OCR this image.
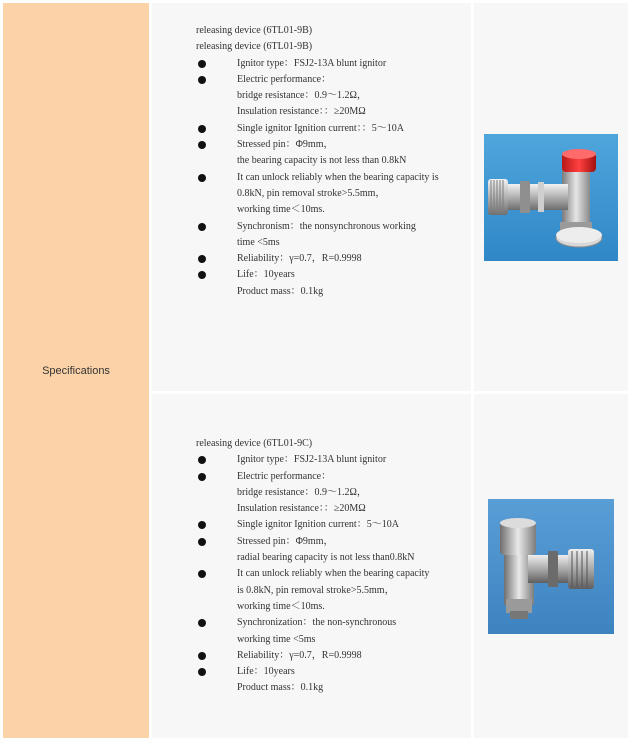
Specifications
releasing device (6TL01-9B)
releasing device (6TL01-9B)
Ignitor type：FSJ2-13A blunt ignitor
Electric performance：
bridge resistance：0.9～1.2Ω，
Insulation resistance：：≥20MΩ
Single ignitor Ignition current：：5～10A
Stressed pin：Φ9mm，
the bearing capacity is not less than 0.8kN
It can unlock reliably when the bearing capacity is
0.8kN, pin removal stroke>5.5mm，
working time＜10ms.
Synchronism：the nonsynchronous working
time <5ms
Reliability：γ=0.7，R=0.9998
Life：10years
Product mass：0.1kg
releasing device (6TL01-9C)
Ignitor type：FSJ2-13A blunt ignitor
Electric performance：
bridge resistance：0.9～1.2Ω，
Insulation resistance：：≥20MΩ
Single ignitor Ignition current：5～10A
Stressed pin：Φ9mm，
radial bearing capacity is not less than0.8kN
It can unlock reliably when the bearing capacity
is 0.8kN, pin removal stroke>5.5mm，
working time＜10ms.
Synchronization：the non-synchronous
working time <5ms
Reliability：γ=0.7，R=0.9998
Life：10years
Product mass：0.1kg
